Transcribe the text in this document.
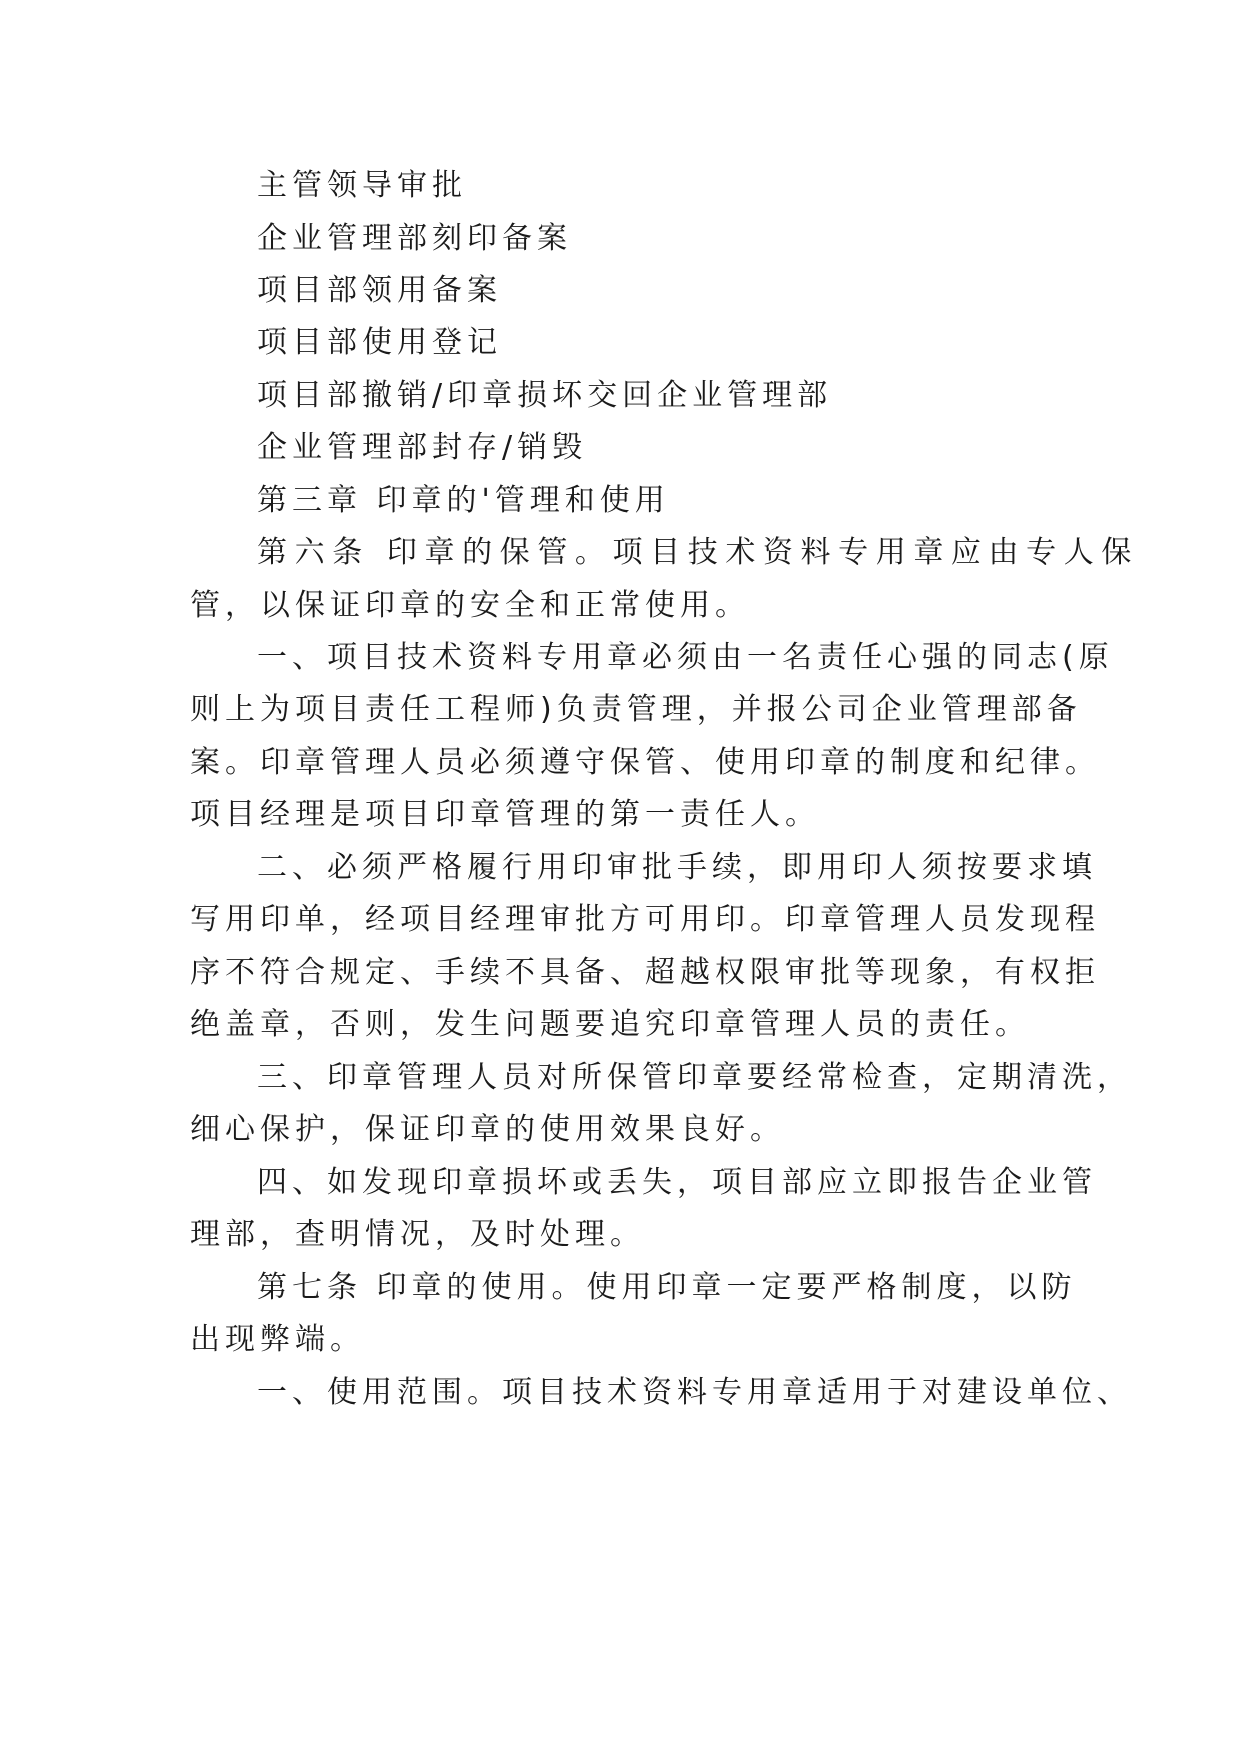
主管领导审批
企业管理部刻印备案
项目部领用备案
项目部使用登记
项目部撤销/印章损坏交回企业管理部
企业管理部封存/销毁
第三章 印章的'管理和使用
第六条 印章的保管。项目技术资料专用章应由专人保
管，以保证印章的安全和正常使用。
一、项目技术资料专用章必须由一名责任心强的同志(原
则上为项目责任工程师)负责管理，并报公司企业管理部备
案。印章管理人员必须遵守保管、使用印章的制度和纪律。
项目经理是项目印章管理的第一责任人。
二、必须严格履行用印审批手续，即用印人须按要求填
写用印单，经项目经理审批方可用印。印章管理人员发现程
序不符合规定、手续不具备、超越权限审批等现象，有权拒
绝盖章，否则，发生问题要追究印章管理人员的责任。
三、印章管理人员对所保管印章要经常检查，定期清洗，
细心保护，保证印章的使用效果良好。
四、如发现印章损坏或丢失，项目部应立即报告企业管
理部，查明情况，及时处理。
第七条 印章的使用。使用印章一定要严格制度，以防
出现弊端。
一、使用范围。项目技术资料专用章适用于对建设单位、
